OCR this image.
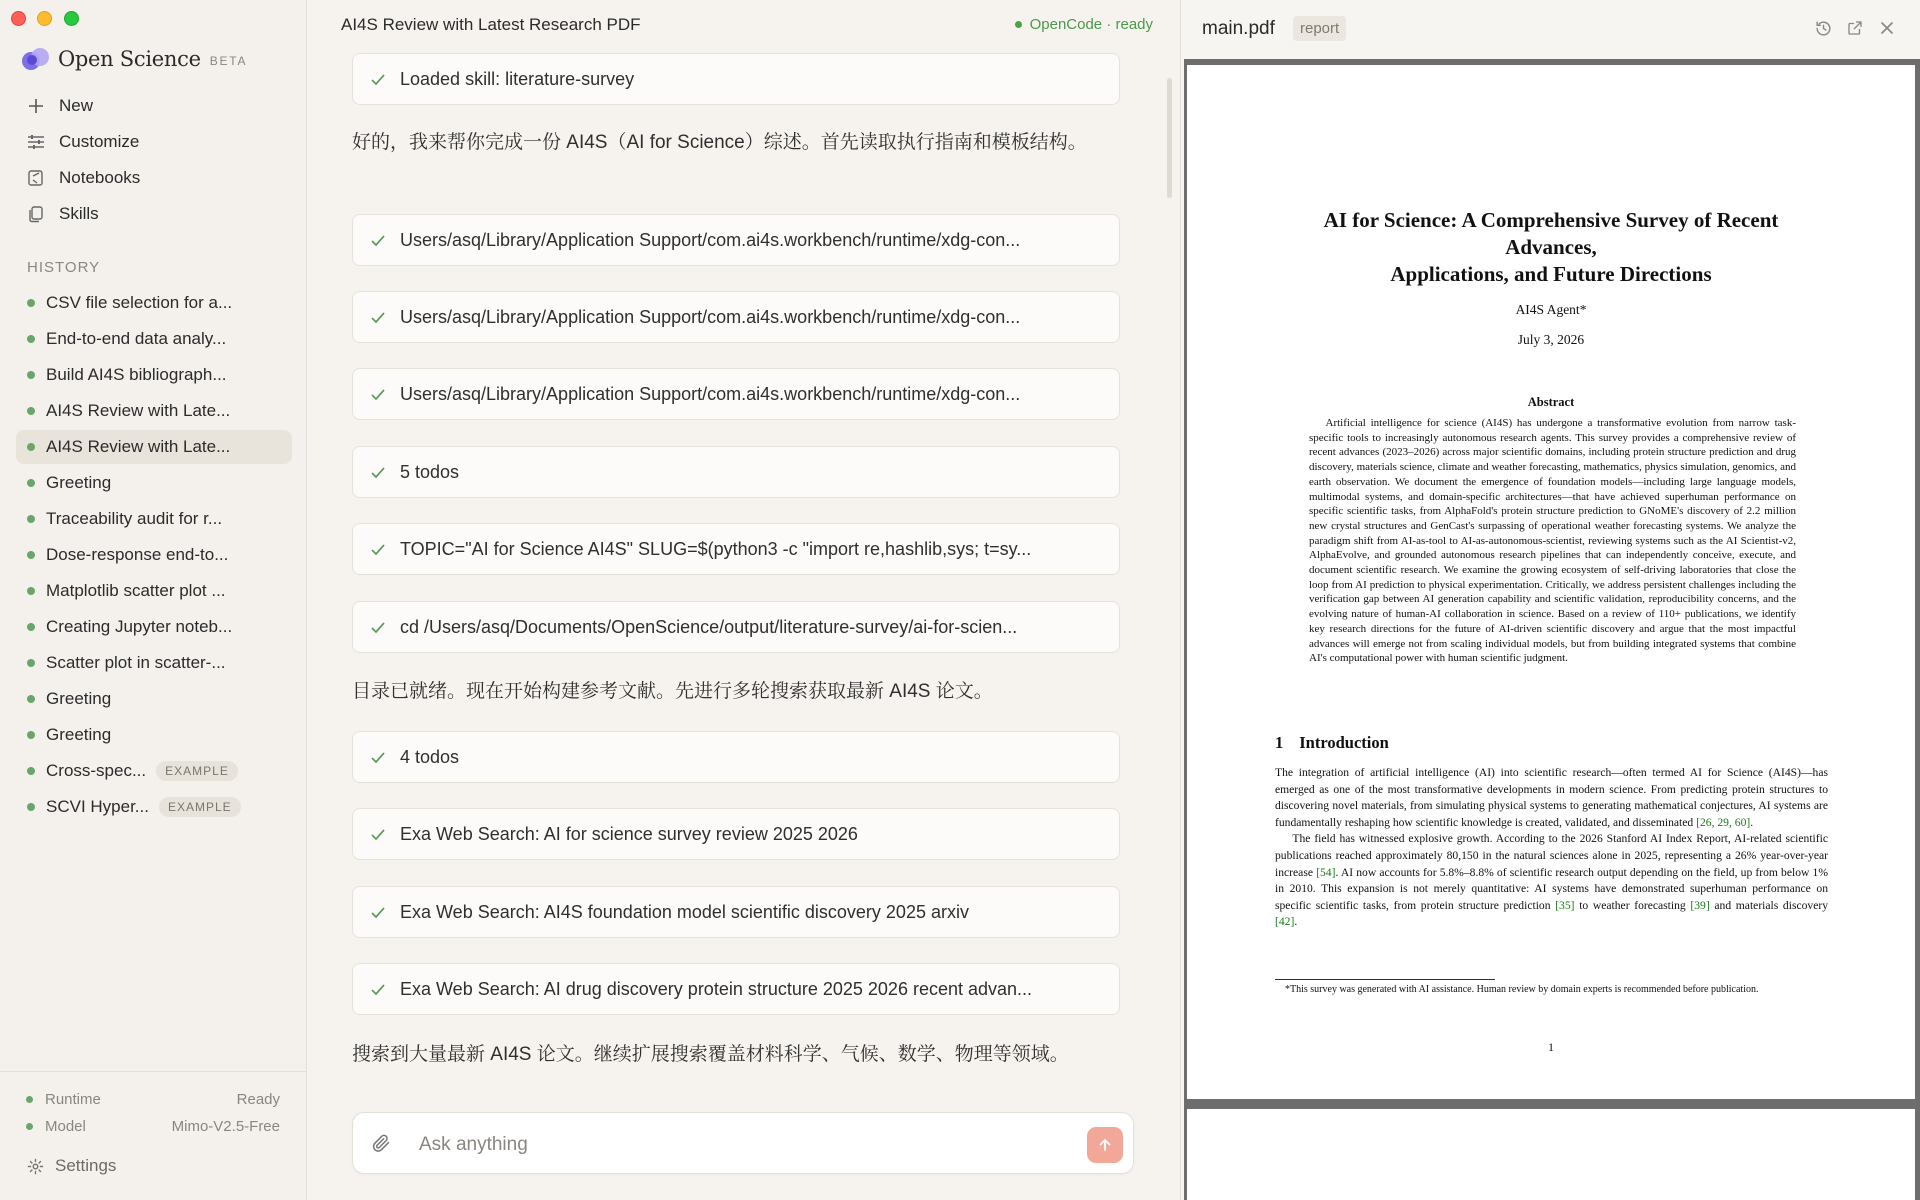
Open Science BETA
New
Customize
Notebooks
Skills
HISTORY
CSV file selection for a...
End-to-end data analy...
Build AI4S bibliograph...
AI4S Review with Late...
AI4S Review with Late...
Greeting
Traceability audit for r...
Dose-response end-to...
Matplotlib scatter plot ...
Creating Jupyter noteb...
Scatter plot in scatter-...
Greeting
Greeting
Cross-spec...	EXAMPLE
SCVI Hyper...	EXAMPLE
Runtime	Ready
Model	Mimo-V2.5-Free
Settings
AI4S Review with Latest Research PDF	OpenCode · ready
Loaded skill: literature-survey
好的，我来帮你完成一份 AI4S（AI for Science）综述。首先读取执行指南和模板结构。
Users/asq/Library/Application Support/com.ai4s.workbench/runtime/xdg-con...
Users/asq/Library/Application Support/com.ai4s.workbench/runtime/xdg-con...
Users/asq/Library/Application Support/com.ai4s.workbench/runtime/xdg-con...
5 todos
TOPIC="AI for Science AI4S" SLUG=$(python3 -c "import re,hashlib,sys; t=sy...
cd /Users/asq/Documents/OpenScience/output/literature-survey/ai-for-scien...
目录已就绪。现在开始构建参考文献。先进行多轮搜索获取最新 AI4S 论文。
4 todos
Exa Web Search: AI for science survey review 2025 2026
Exa Web Search: AI4S foundation model scientific discovery 2025 arxiv
Exa Web Search: AI drug discovery protein structure 2025 2026 recent advan...
搜索到大量最新 AI4S 论文。继续扩展搜索覆盖材料科学、气候、数学、物理等领域。
Ask anything
main.pdf	report
AI for Science: A Comprehensive Survey of Recent Advances,
Applications, and Future Directions
AI4S Agent*
July 3, 2026
Abstract
Artificial intelligence for science (AI4S) has undergone a transformative evolution from narrow task-specific tools to increasingly autonomous research agents. This survey provides a comprehensive review of recent advances (2023–2026) across major scientific domains, including protein structure prediction and drug discovery, materials science, climate and weather forecasting, mathematics, physics simulation, genomics, and earth observation. We document the emergence of foundation models—including large language models, multimodal systems, and domain-specific architectures—that have achieved superhuman performance on specific scientific tasks, from AlphaFold's protein structure prediction to GNoME's discovery of 2.2 million new crystal structures and GenCast's surpassing of operational weather forecasting systems. We analyze the paradigm shift from AI-as-tool to AI-as-autonomous-scientist, reviewing systems such as the AI Scientist-v2, AlphaEvolve, and grounded autonomous research pipelines that can independently conceive, execute, and document scientific research. We examine the growing ecosystem of self-driving laboratories that close the loop from AI prediction to physical experimentation. Critically, we address persistent challenges including the verification gap between AI generation capability and scientific validation, reproducibility concerns, and the evolving nature of human-AI collaboration in science. Based on a review of 110+ publications, we identify key research directions for the future of AI-driven scientific discovery and argue that the most impactful advances will emerge not from scaling individual models, but from building integrated systems that combine AI's computational power with human scientific judgment.
1 Introduction

The integration of artificial intelligence (AI) into scientific research—often termed AI for Science (AI4S)—has emerged as one of the most transformative developments in modern science. From predicting protein structures to discovering novel materials, from simulating physical systems to generating mathematical conjectures, AI systems are fundamentally reshaping how scientific knowledge is created, validated, and disseminated [26, 29, 60].

The field has witnessed explosive growth. According to the 2026 Stanford AI Index Report, AI-related scientific publications reached approximately 80,150 in the natural sciences alone in 2025, representing a 26% year-over-year increase [54]. AI now accounts for 5.8%–8.8% of scientific research output depending on the field, up from below 1% in 2010. This expansion is not merely quantitative: AI systems have demonstrated superhuman performance on specific scientific tasks, from protein structure prediction [35] to weather forecasting [39] and materials discovery [42].

*This survey was generated with AI assistance. Human review by domain experts is recommended before publication.
1
